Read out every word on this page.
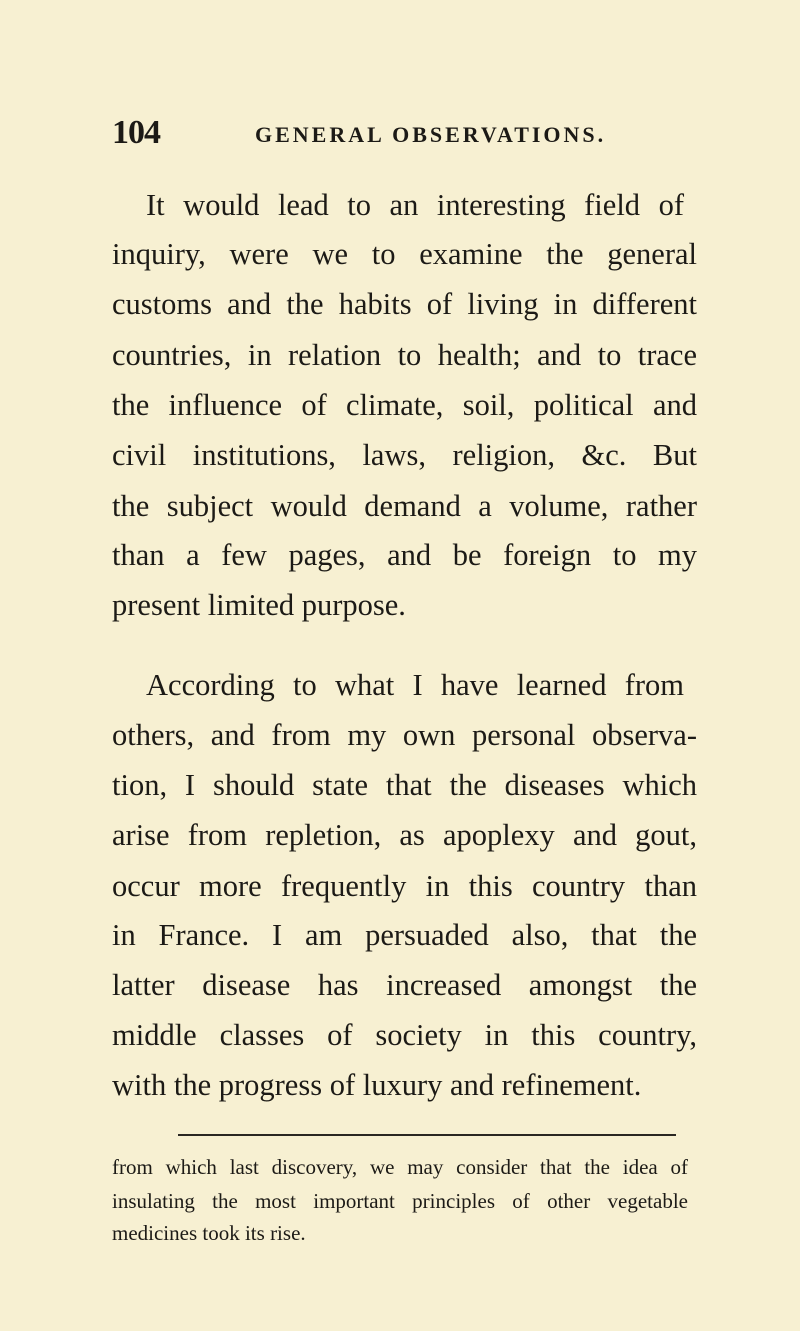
104	GENERAL OBSERVATIONS.
It would lead to an interesting field of
inquiry, were we to examine the general
customs and the habits of living in different
countries, in relation to health; and to trace
the influence of climate, soil, political and
civil institutions, laws, religion, &c. But
the subject would demand a volume, rather
than a few pages, and be foreign to my
present limited purpose.
According to what I have learned from
others, and from my own personal observa-
tion, I should state that the diseases which
arise from repletion, as apoplexy and gout,
occur more frequently in this country than
in France. I am persuaded also, that the
latter disease has increased amongst the
middle classes of society in this country,
with the progress of luxury and refinement.
from which last discovery, we may consider that the idea of
insulating the most important principles of other vegetable
medicines took its rise.
